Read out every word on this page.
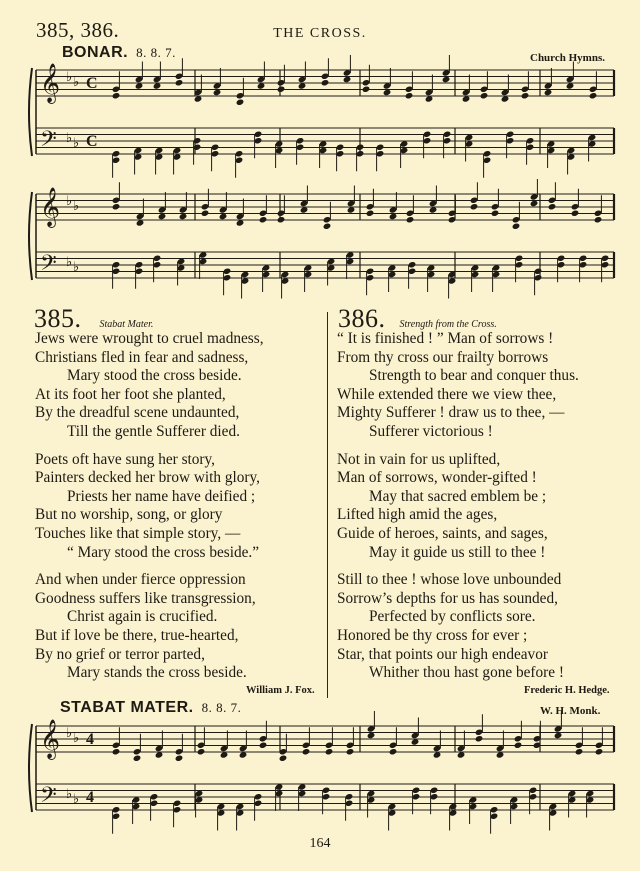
385, 386.	THE CROSS.
BONAR. 8. 8. 7.	Church Hymns.
𝄞
𝄢
♭
♭
♭
♭
C
C
𝄞
𝄢
♭
♭
♭
♭
385. Stabat Mater.
Jews were wrought to cruel madness,
Christians fled in fear and sadness,
Mary stood the cross beside.
At its foot her foot she planted,
By the dreadful scene undaunted,
Till the gentle Sufferer died.
Poets oft have sung her story,
Painters decked her brow with glory,
Priests her name have deified ;
But no worship, song, or glory
Touches like that simple story, —
“ Mary stood the cross beside.”
And when under fierce oppression
Goodness suffers like transgression,
Christ again is crucified.
But if love be there, true-hearted,
By no grief or terror parted,
Mary stands the cross beside.
William J. Fox.
386. Strength from the Cross.
“ It is finished ! ” Man of sorrows !
From thy cross our frailty borrows
Strength to bear and conquer thus.
While extended there we view thee,
Mighty Sufferer ! draw us to thee, —
Sufferer victorious !
Not in vain for us uplifted,
Man of sorrows, wonder-gifted !
May that sacred emblem be ;
Lifted high amid the ages,
Guide of heroes, saints, and sages,
May it guide us still to thee !
Still to thee ! whose love unbounded
Sorrow’s depths for us has sounded,
Perfected by conflicts sore.
Honored be thy cross for ever ;
Star, that points our high endeavor
Whither thou hast gone before !
Frederic H. Hedge.
STABAT MATER. 8. 8. 7.	W. H. Monk.
𝄞
𝄢
♭
♭
♭
♭
4
4
164
